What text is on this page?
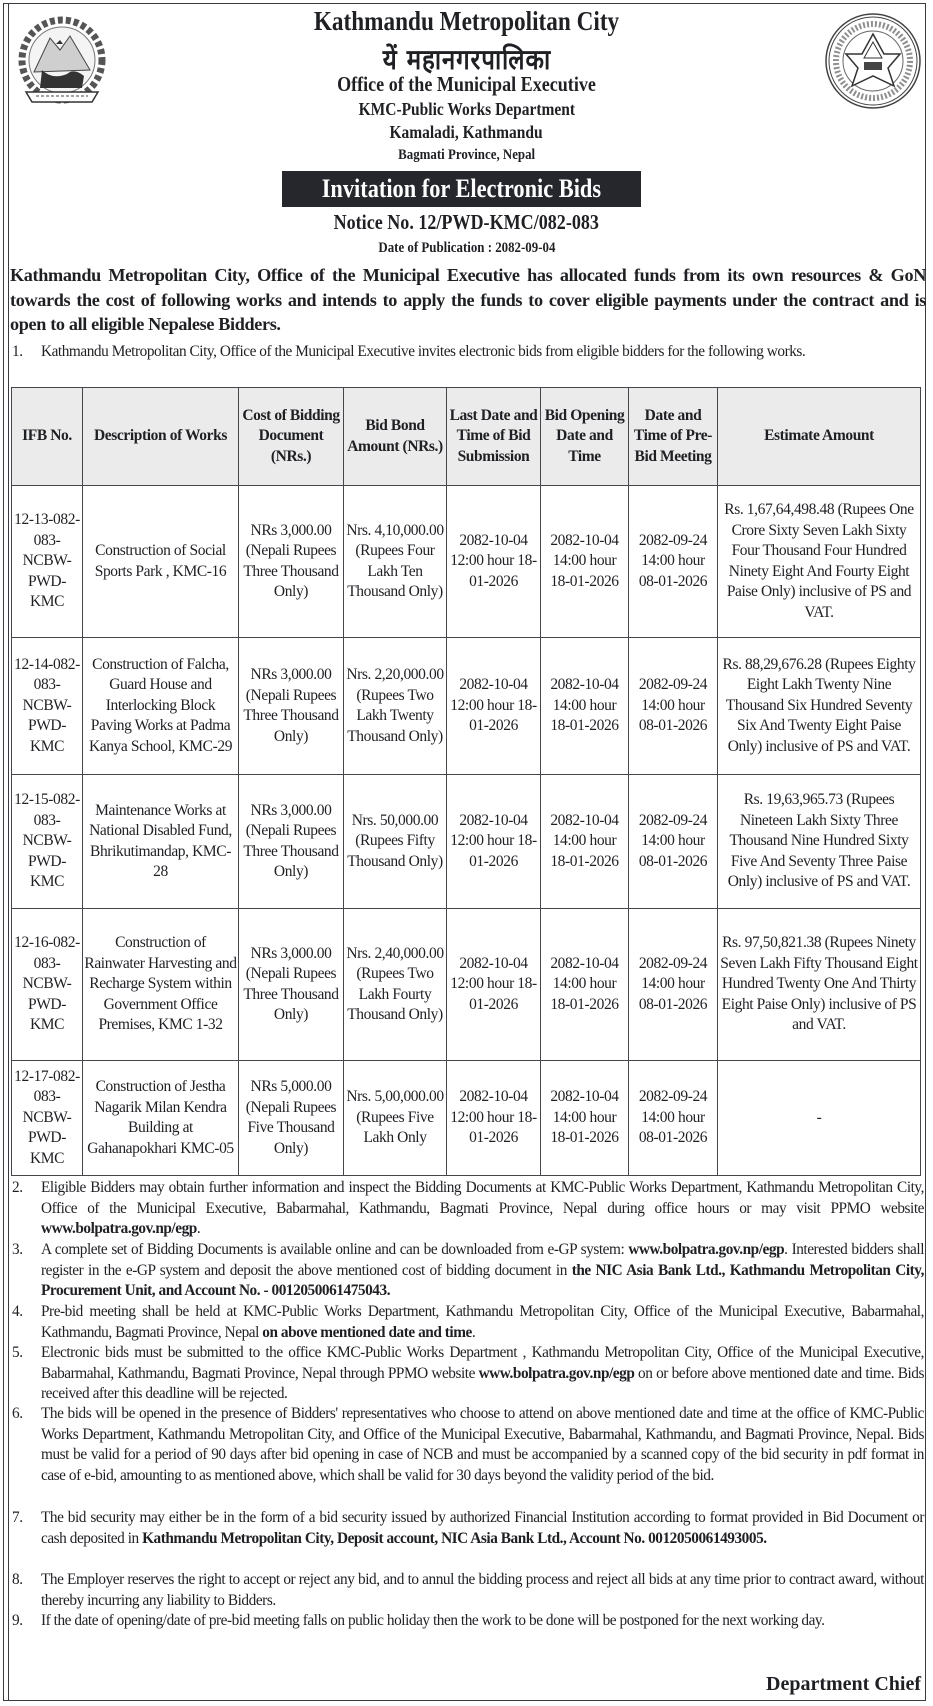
Kathmandu Metropolitan City
यें महानगरपालिका
Office of the Municipal Executive
KMC-Public Works Department
Kamaladi, Kathmandu
Bagmati Province, Nepal
Invitation for Electronic Bids
Notice No. 12/PWD-KMC/082-083
Date of Publication : 2082-09-04
Kathmandu Metropolitan City, Office of the Municipal Executive has allocated funds from its own resources & GoN towards the cost of following works and intends to apply the funds to cover eligible payments under the contract and is open to all eligible Nepalese Bidders.
1. Kathmandu Metropolitan City, Office of the Municipal Executive invites electronic bids from eligible bidders for the following works.
IFB No.	Description of Works	Cost of Bidding Document (NRs.)	Bid Bond Amount (NRs.)	Last Date and Time of Bid Submission	Bid Opening Date and Time	Date and Time of Pre-Bid Meeting	Estimate Amount
12-13-082-083-NCBW-PWD-KMC	Construction of Social Sports Park , KMC-16	NRs 3,000.00 (Nepali Rupees Three Thousand Only)	Nrs. 4,10,000.00 (Rupees Four Lakh Ten Thousand Only)	2082-10-04 12:00 hour 18-01-2026	2082-10-04 14:00 hour 18-01-2026	2082-09-24 14:00 hour 08-01-2026	Rs. 1,67,64,498.48 (Rupees One Crore Sixty Seven Lakh Sixty Four Thousand Four Hundred Ninety Eight And Fourty Eight Paise Only) inclusive of PS and VAT.
12-14-082-083-NCBW-PWD-KMC	Construction of Falcha, Guard House and Interlocking Block Paving Works at Padma Kanya School, KMC-29	NRs 3,000.00 (Nepali Rupees Three Thousand Only)	Nrs. 2,20,000.00 (Rupees Two Lakh Twenty Thousand Only)	2082-10-04 12:00 hour 18-01-2026	2082-10-04 14:00 hour 18-01-2026	2082-09-24 14:00 hour 08-01-2026	Rs. 88,29,676.28 (Rupees Eighty Eight Lakh Twenty Nine Thousand Six Hundred Seventy Six And Twenty Eight Paise Only) inclusive of PS and VAT.
12-15-082-083-NCBW-PWD-KMC	Maintenance Works at National Disabled Fund, Bhrikutimandap, KMC-28	NRs 3,000.00 (Nepali Rupees Three Thousand Only)	Nrs. 50,000.00 (Rupees Fifty Thousand Only)	2082-10-04 12:00 hour 18-01-2026	2082-10-04 14:00 hour 18-01-2026	2082-09-24 14:00 hour 08-01-2026	Rs. 19,63,965.73 (Rupees Nineteen Lakh Sixty Three Thousand Nine Hundred Sixty Five And Seventy Three Paise Only) inclusive of PS and VAT.
12-16-082-083-NCBW-PWD-KMC	Construction of Rainwater Harvesting and Recharge System within Government Office Premises, KMC 1-32	NRs 3,000.00 (Nepali Rupees Three Thousand Only)	Nrs. 2,40,000.00 (Rupees Two Lakh Fourty Thousand Only)	2082-10-04 12:00 hour 18-01-2026	2082-10-04 14:00 hour 18-01-2026	2082-09-24 14:00 hour 08-01-2026	Rs. 97,50,821.38 (Rupees Ninety Seven Lakh Fifty Thousand Eight Hundred Twenty One And Thirty Eight Paise Only) inclusive of PS and VAT.
12-17-082-083-NCBW-PWD-KMC	Construction of Jestha Nagarik Milan Kendra Building at Gahanapokhari KMC-05	NRs 5,000.00 (Nepali Rupees Five Thousand Only)	Nrs. 5,00,000.00 (Rupees Five Lakh Only	2082-10-04 12:00 hour 18-01-2026	2082-10-04 14:00 hour 18-01-2026	2082-09-24 14:00 hour 08-01-2026	-
2. Eligible Bidders may obtain further information and inspect the Bidding Documents at KMC-Public Works Department, Kathmandu Metropolitan City, Office of the Municipal Executive, Babarmahal, Kathmandu, Bagmati Province, Nepal during office hours or may visit PPMO website www.bolpatra.gov.np/egp.
3. A complete set of Bidding Documents is available online and can be downloaded from e-GP system: www.bolpatra.gov.np/egp. Interested bidders shall register in the e-GP system and deposit the above mentioned cost of bidding document in the NIC Asia Bank Ltd., Kathmandu Metropolitan City, Procurement Unit, and Account No. - 0012050061475043.
4. Pre-bid meeting shall be held at KMC-Public Works Department, Kathmandu Metropolitan City, Office of the Municipal Executive, Babarmahal, Kathmandu, Bagmati Province, Nepal on above mentioned date and time.
5. Electronic bids must be submitted to the office KMC-Public Works Department , Kathmandu Metropolitan City, Office of the Municipal Executive, Babarmahal, Kathmandu, Bagmati Province, Nepal through PPMO website www.bolpatra.gov.np/egp on or before above mentioned date and time. Bids received after this deadline will be rejected.
6. The bids will be opened in the presence of Bidders' representatives who choose to attend on above mentioned date and time at the office of KMC-Public Works Department, Kathmandu Metropolitan City, and Office of the Municipal Executive, Babarmahal, Kathmandu, and Bagmati Province, Nepal. Bids must be valid for a period of 90 days after bid opening in case of NCB and must be accompanied by a scanned copy of the bid security in pdf format in case of e-bid, amounting to as mentioned above, which shall be valid for 30 days beyond the validity period of the bid.
7. The bid security may either be in the form of a bid security issued by authorized Financial Institution according to format provided in Bid Document or cash deposited in Kathmandu Metropolitan City, Deposit account, NIC Asia Bank Ltd., Account No. 0012050061493005.
8. The Employer reserves the right to accept or reject any bid, and to annul the bidding process and reject all bids at any time prior to contract award, without thereby incurring any liability to Bidders.
9. If the date of opening/date of pre-bid meeting falls on public holiday then the work to be done will be postponed for the next working day.
Department Chief
